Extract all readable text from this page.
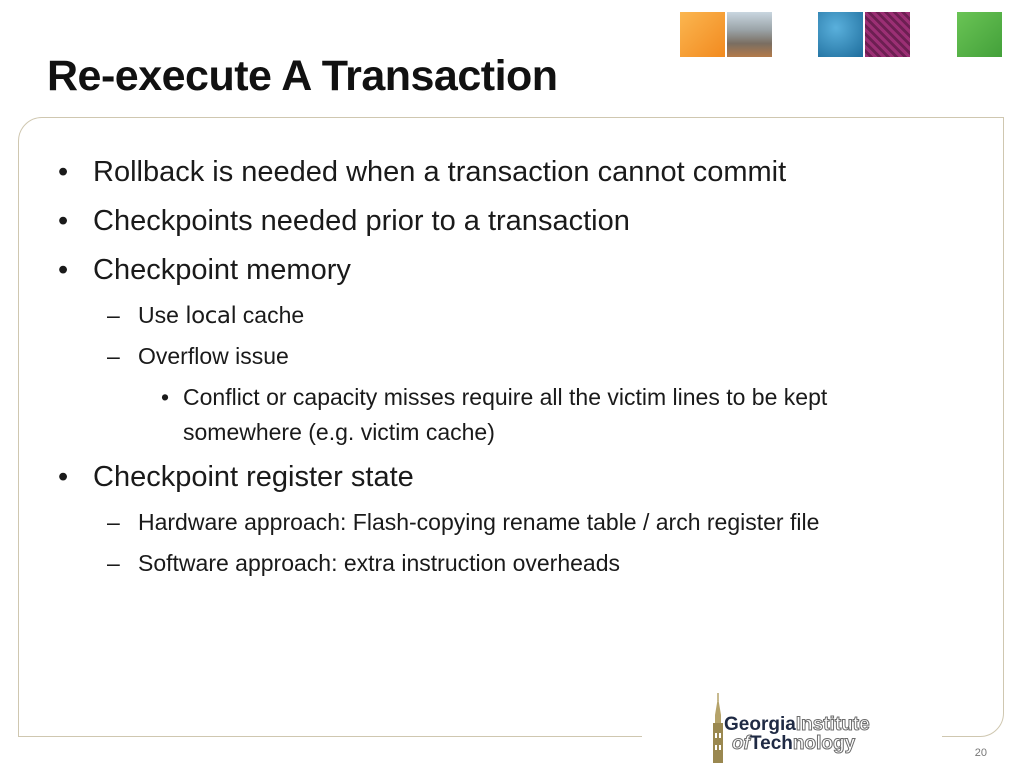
Re-execute A Transaction
• Rollback is needed when a transaction cannot commit
• Checkpoints needed prior to a transaction
• Checkpoint memory
– Use local cache
– Overflow issue
• Conflict or capacity misses require all the victim lines to be kept
somewhere (e.g. victim cache)
• Checkpoint register state
– Hardware approach: Flash-copying rename table / arch register file
– Software approach: extra instruction overheads
GeorgiaInstitute
ofTechnology	20
